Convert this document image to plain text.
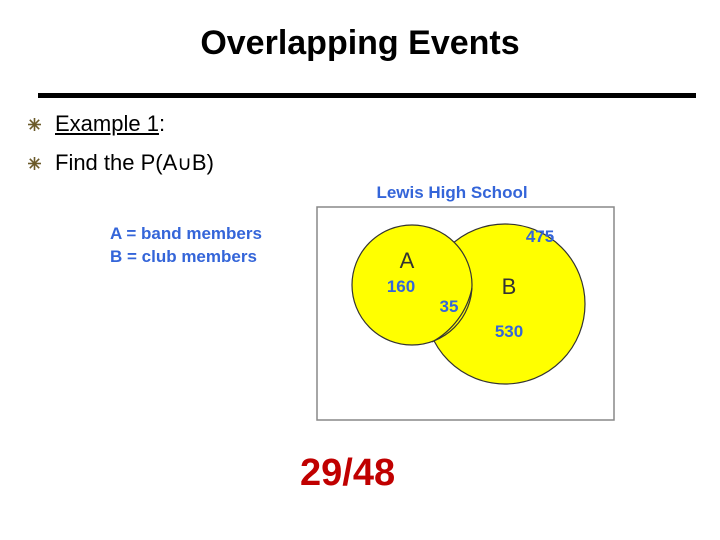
Overlapping Events
Example 1 :
Find the P(A ∪ B)
A = band members
B = club members
Lewis High School
475
A
160	B
35
530
29/48
